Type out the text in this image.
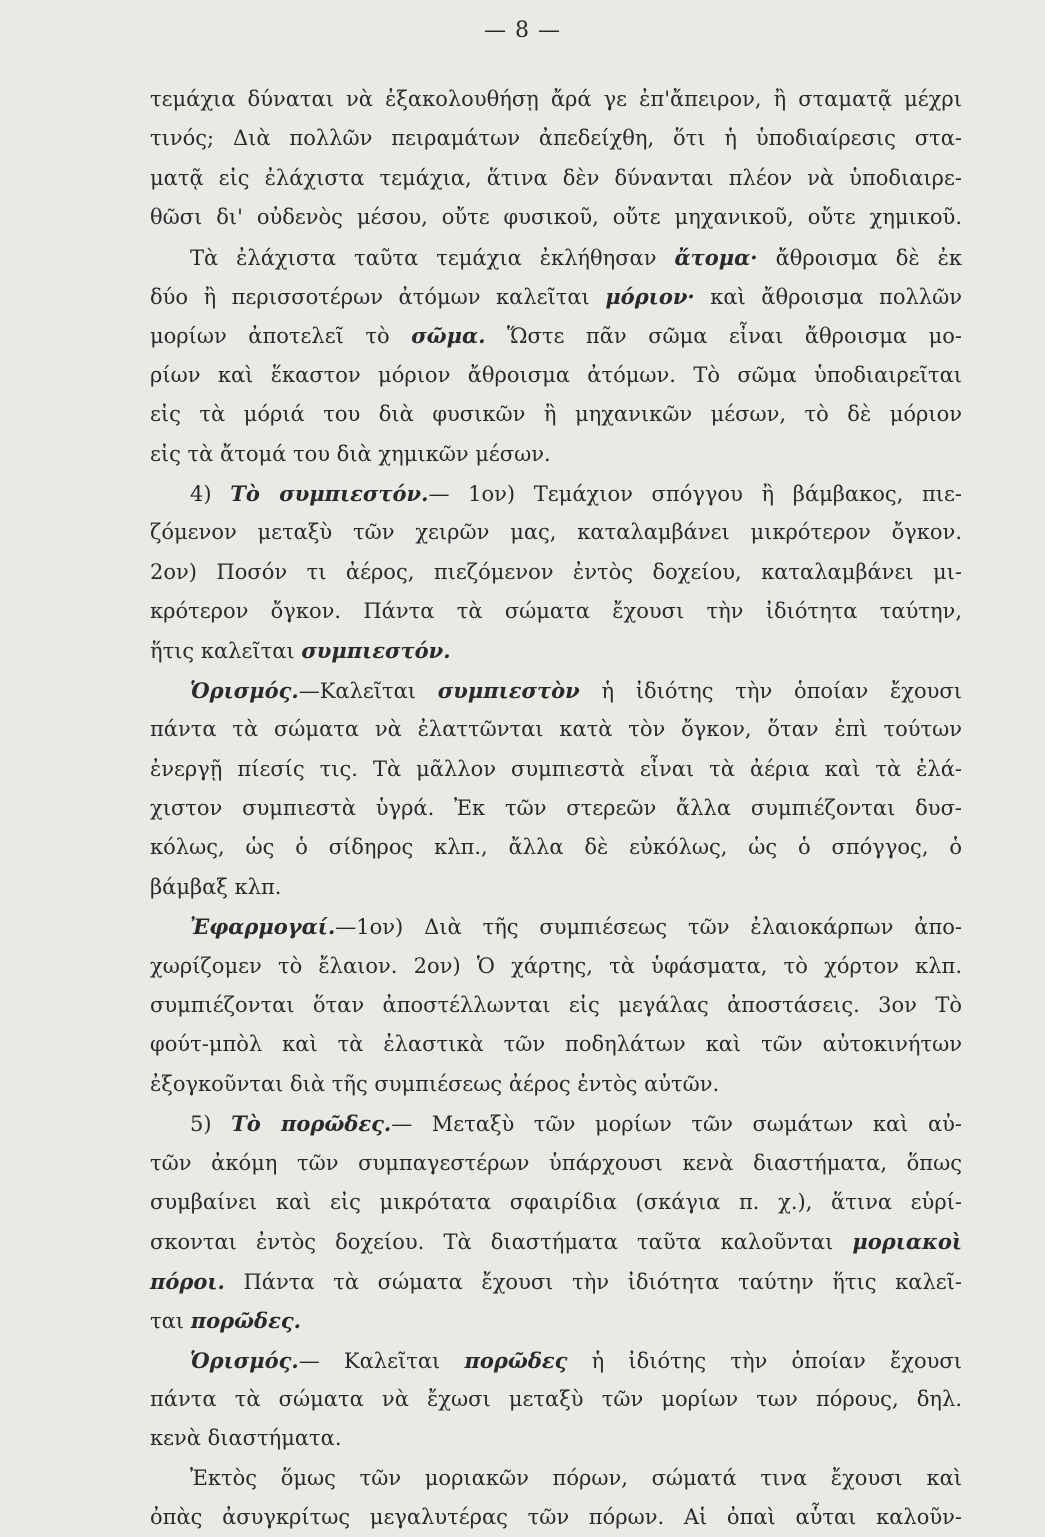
— 8 —
τεμάχια δύναται νὰ ἐξακολουθήσῃ ἄρά γε ἐπ'ἄπειρον, ἢ σταματᾷ μέχρι
τινός; Διὰ πολλῶν πειραμάτων ἀπεδείχθη, ὅτι ἡ ὑποδιαίρεσις στα-
ματᾷ εἰς ἐλάχιστα τεμάχια, ἅτινα δὲν δύνανται πλέον νὰ ὑποδιαιρε-
θῶσι δι' οὐδενὸς μέσου, οὔτε φυσικοῦ, οὔτε μηχανικοῦ, οὔτε χημικοῦ.
Τὰ ἐλάχιστα ταῦτα τεμάχια ἐκλήθησαν ἄτομα· ἄθροισμα δὲ ἐκ
δύο ἢ περισσοτέρων ἀτόμων καλεῖται μόριον· καὶ ἄθροισμα πολλῶν
μορίων ἀποτελεῖ τὸ σῶμα. Ὥστε πᾶν σῶμα εἶναι ἄθροισμα μο-
ρίων καὶ ἕκαστον μόριον ἄθροισμα ἀτόμων. Τὸ σῶμα ὑποδιαιρεῖται
εἰς τὰ μόριά του διὰ φυσικῶν ἢ μηχανικῶν μέσων, τὸ δὲ μόριον
εἰς τὰ ἄτομά του διὰ χημικῶν μέσων.
4) Τὸ συμπιεστόν.— 1ον) Τεμάχιον σπόγγου ἢ βάμβακος, πιε-
ζόμενον μεταξὺ τῶν χειρῶν μας, καταλαμβάνει μικρότερον ὄγκον.
2ον) Ποσόν τι ἀέρος, πιεζόμενον ἐντὸς δοχείου, καταλαμβάνει μι-
κρότερον ὄγκον. Πάντα τὰ σώματα ἔχουσι τὴν ἰδιότητα ταύτην,
ἥτις καλεῖται συμπιεστόν.
Ὁρισμός.—Καλεῖται συμπιεστὸν ἡ ἰδιότης τὴν ὁποίαν ἔχουσι
πάντα τὰ σώματα νὰ ἐλαττῶνται κατὰ τὸν ὄγκον, ὅταν ἐπὶ τούτων
ἐνεργῇ πίεσίς τις. Τὰ μᾶλλον συμπιεστὰ εἶναι τὰ ἀέρια καὶ τὰ ἐλά-
χιστον συμπιεστὰ ὑγρά. Ἐκ τῶν στερεῶν ἄλλα συμπιέζονται δυσ-
κόλως, ὡς ὁ σίδηρος κλπ., ἄλλα δὲ εὐκόλως, ὡς ὁ σπόγγος, ὁ
βάμβαξ κλπ.
Ἐφαρμογαί.—1ον) Διὰ τῆς συμπιέσεως τῶν ἐλαιοκάρπων ἀπο-
χωρίζομεν τὸ ἔλαιον. 2ον) Ὁ χάρτης, τὰ ὑφάσματα, τὸ χόρτον κλπ.
συμπιέζονται ὅταν ἀποστέλλωνται εἰς μεγάλας ἀποστάσεις. 3ον Τὸ
φούτ-μπὸλ καὶ τὰ ἐλαστικὰ τῶν ποδηλάτων καὶ τῶν αὐτοκινήτων
ἐξογκοῦνται διὰ τῆς συμπιέσεως ἀέρος ἐντὸς αὐτῶν.
5) Τὸ πορῶδες.— Μεταξὺ τῶν μορίων τῶν σωμάτων καὶ αὐ-
τῶν ἀκόμη τῶν συμπαγεστέρων ὑπάρχουσι κενὰ διαστήματα, ὅπως
συμβαίνει καὶ εἰς μικρότατα σφαιρίδια (σκάγια π. χ.), ἅτινα εὑρί-
σκονται ἐντὸς δοχείου. Τὰ διαστήματα ταῦτα καλοῦνται μοριακοὶ
πόροι. Πάντα τὰ σώματα ἔχουσι τὴν ἰδιότητα ταύτην ἥτις καλεῖ-
ται πορῶδες.
Ὁρισμός.— Καλεῖται πορῶδες ἡ ἰδιότης τὴν ὁποίαν ἔχουσι
πάντα τὰ σώματα νὰ ἔχωσι μεταξὺ τῶν μορίων των πόρους, δηλ.
κενὰ διαστήματα.
Ἐκτὸς ὅμως τῶν μοριακῶν πόρων, σώματά τινα ἔχουσι καὶ
ὀπὰς ἀσυγκρίτως μεγαλυτέρας τῶν πόρων. Αἱ ὀπαὶ αὗται καλοῦν-
